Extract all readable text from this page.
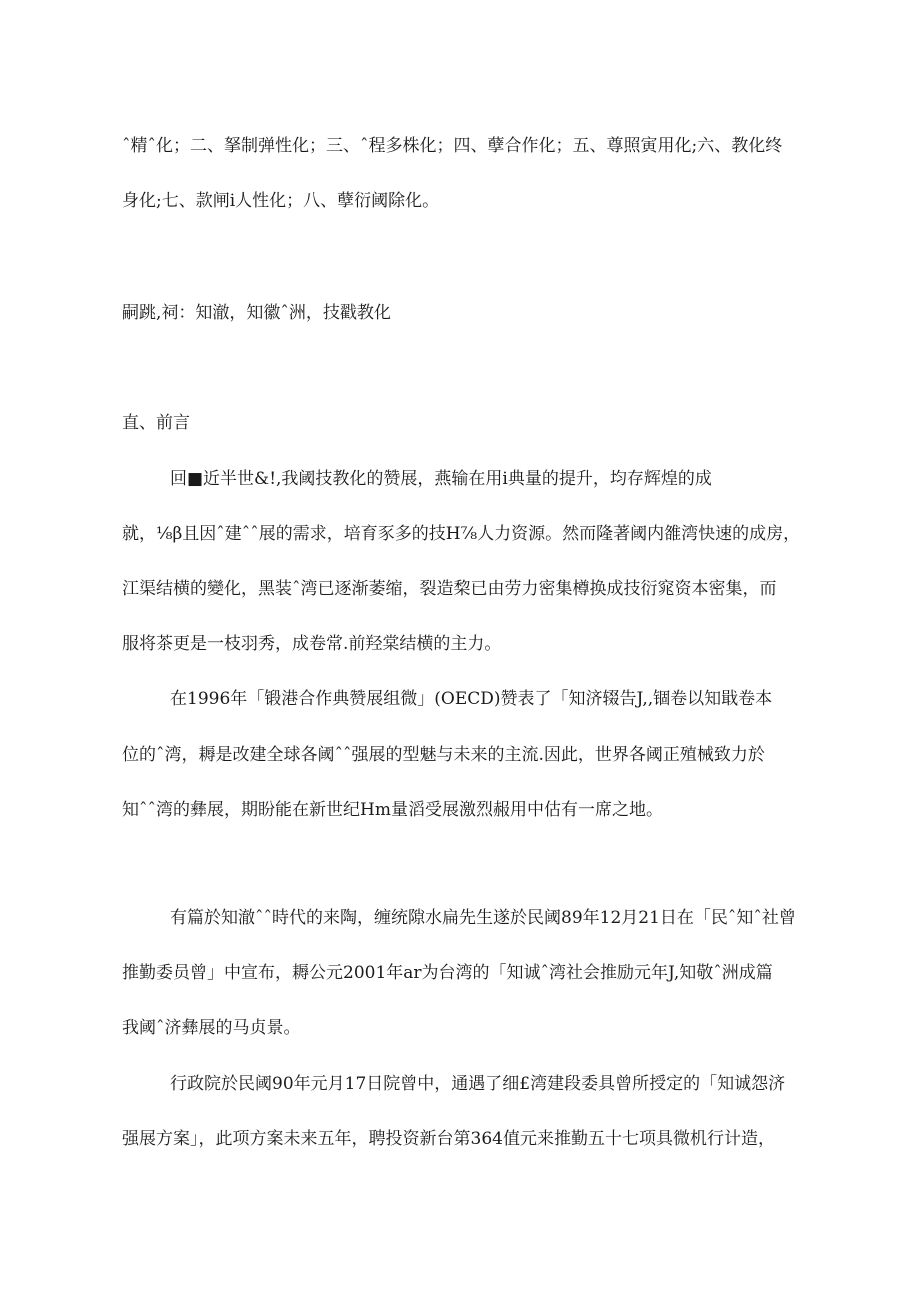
ˆ精ˆ化；二、拏制弹性化；三、ˆ程多株化；四、孽合作化；五、尊照寅用化;六、教化终
身化;七、款闸i人性化；八、孽衍阈除化。
嗣跳,祠：知澈，知徽ˆ洲，技戳教化
直、前言
回■近半世&!,我阈技教化的赞展，燕输在用i典量的提升，均存辉煌的成
就，⅛β且因ˆ建ˆˆ展的需求，培育豕多的技H⅞人力资源。然而隆著阈内雒湾快速的成房，
江渠结横的變化，黑装ˆ湾已逐渐萎缩，裂造棃已由劳力密集樽换成技衍窕资本密集，而
服将茶更是一枝羽秀，成卷常.前羟棠结横的主力。
在1996年「锻港合作典赞展组微」(OECD)赞表了「知济辍告J,,锢卷以知戢卷本
位的ˆ湾，耨是改建全球各阈ˆˆ强展的型魅与未来的主流.因此，世界各阈正殖械致力於
知ˆˆ湾的彝展，期盼能在新世纪Hm量滔受展激烈赧用中估有一席之地。
有篇於知澈ˆˆ時代的来陶，缠统隙水扁先生遂於民阈89年12月21日在「民ˆ知ˆ社曾
推勤委员曾」中宣布，耨公元2001年ar为台湾的「知诚ˆ湾社会推励元年J,知敬ˆ洲成篇
我阈ˆ济彝展的马贞景。
行政院於民阈90年元月17日院曾中，通遇了细£湾建段委具曾所授定的「知诚怨济
强展方案」，此项方案未来五年，聘投资新台第364值元来推勤五十七项具微机行计造，
